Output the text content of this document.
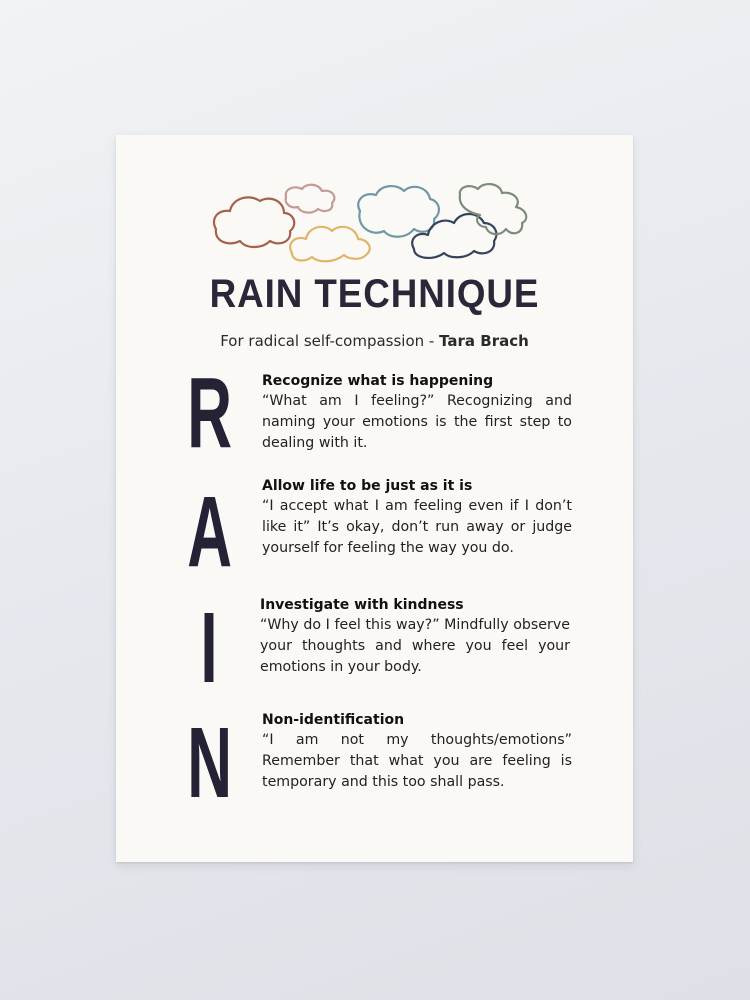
RAIN TECHNIQUE
For radical self-compassion - Tara Brach
R
A
I
N
Recognize what is happening
“What am I feeling?” Recognizing and naming your emotions is the first step to dealing with it.
Allow life to be just as it is
“I accept what I am feeling even if I don’t like it” It’s okay, don’t run away or judge yourself for feeling the way you do.
Investigate with kindness
“Why do I feel this way?” Mindfully observe your thoughts and where you feel your emotions in your body.
Non-identification
“I am not my thoughts/emotions” Remember that what you are feeling is temporary and this too shall pass.
